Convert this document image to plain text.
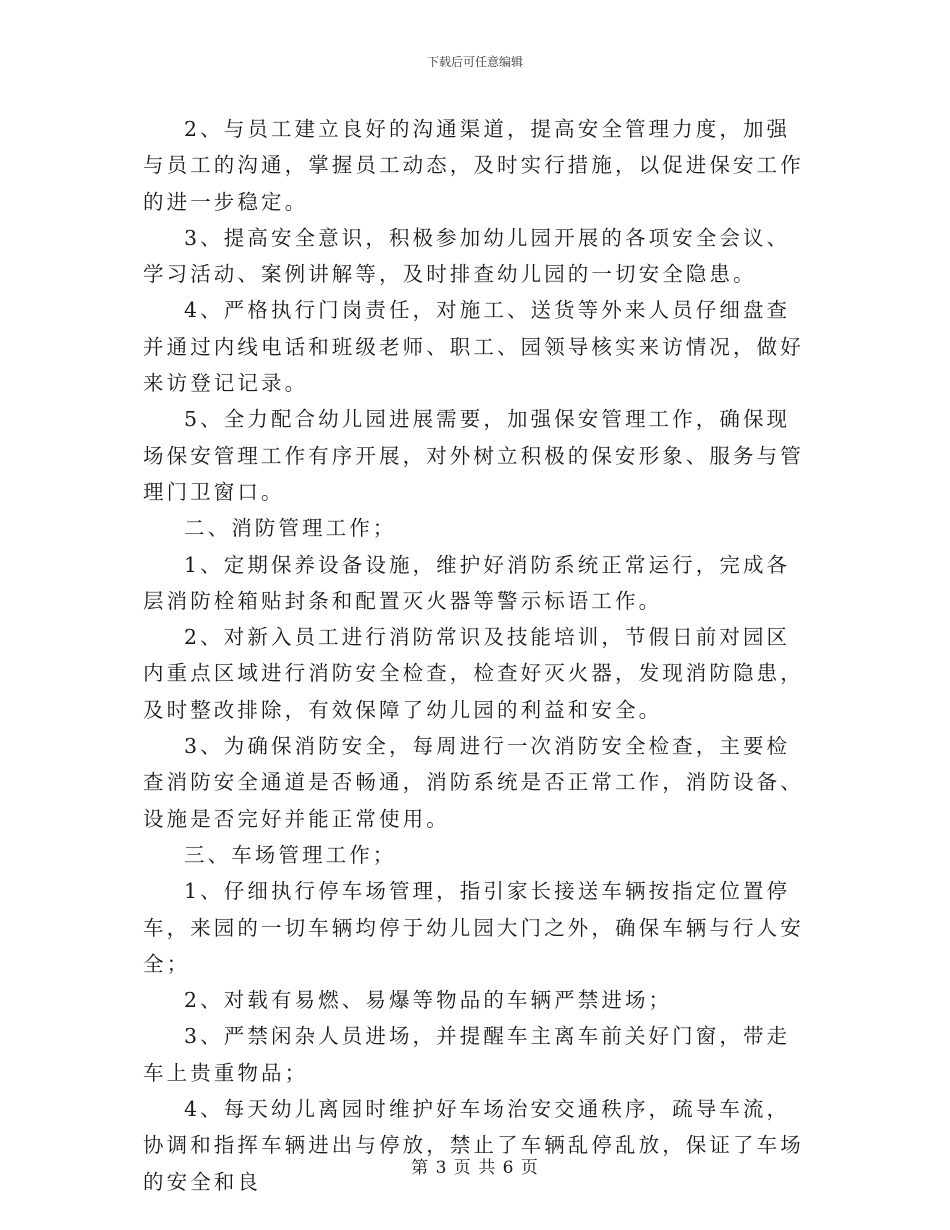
下载后可任意编辑

2、与员工建立良好的沟通渠道，提高安全管理力度，加强与员工的沟通，掌握员工动态，及时实行措施，以促进保安工作的进一步稳定。

3、提高安全意识，积极参加幼儿园开展的各项安全会议、学习活动、案例讲解等，及时排查幼儿园的一切安全隐患。

4、严格执行门岗责任，对施工、送货等外来人员仔细盘查并通过内线电话和班级老师、职工、园领导核实来访情况，做好来访登记记录。

5、全力配合幼儿园进展需要，加强保安管理工作，确保现场保安管理工作有序开展，对外树立积极的保安形象、服务与管理门卫窗口。

二、消防管理工作；

1、定期保养设备设施，维护好消防系统正常运行，完成各层消防栓箱贴封条和配置灭火器等警示标语工作。

2、对新入员工进行消防常识及技能培训，节假日前对园区内重点区域进行消防安全检查，检查好灭火器，发现消防隐患，及时整改排除，有效保障了幼儿园的利益和安全。

3、为确保消防安全，每周进行一次消防安全检查，主要检查消防安全通道是否畅通，消防系统是否正常工作，消防设备、设施是否完好并能正常使用。

三、车场管理工作；

1、仔细执行停车场管理，指引家长接送车辆按指定位置停车，来园的一切车辆均停于幼儿园大门之外，确保车辆与行人安全；

2、对载有易燃、易爆等物品的车辆严禁进场；

3、严禁闲杂人员进场，并提醒车主离车前关好门窗，带走车上贵重物品；

4、每天幼儿离园时维护好车场治安交通秩序，疏导车流，协调和指挥车辆进出与停放，禁止了车辆乱停乱放，保证了车场的安全和良

第 3 页 共 6 页
